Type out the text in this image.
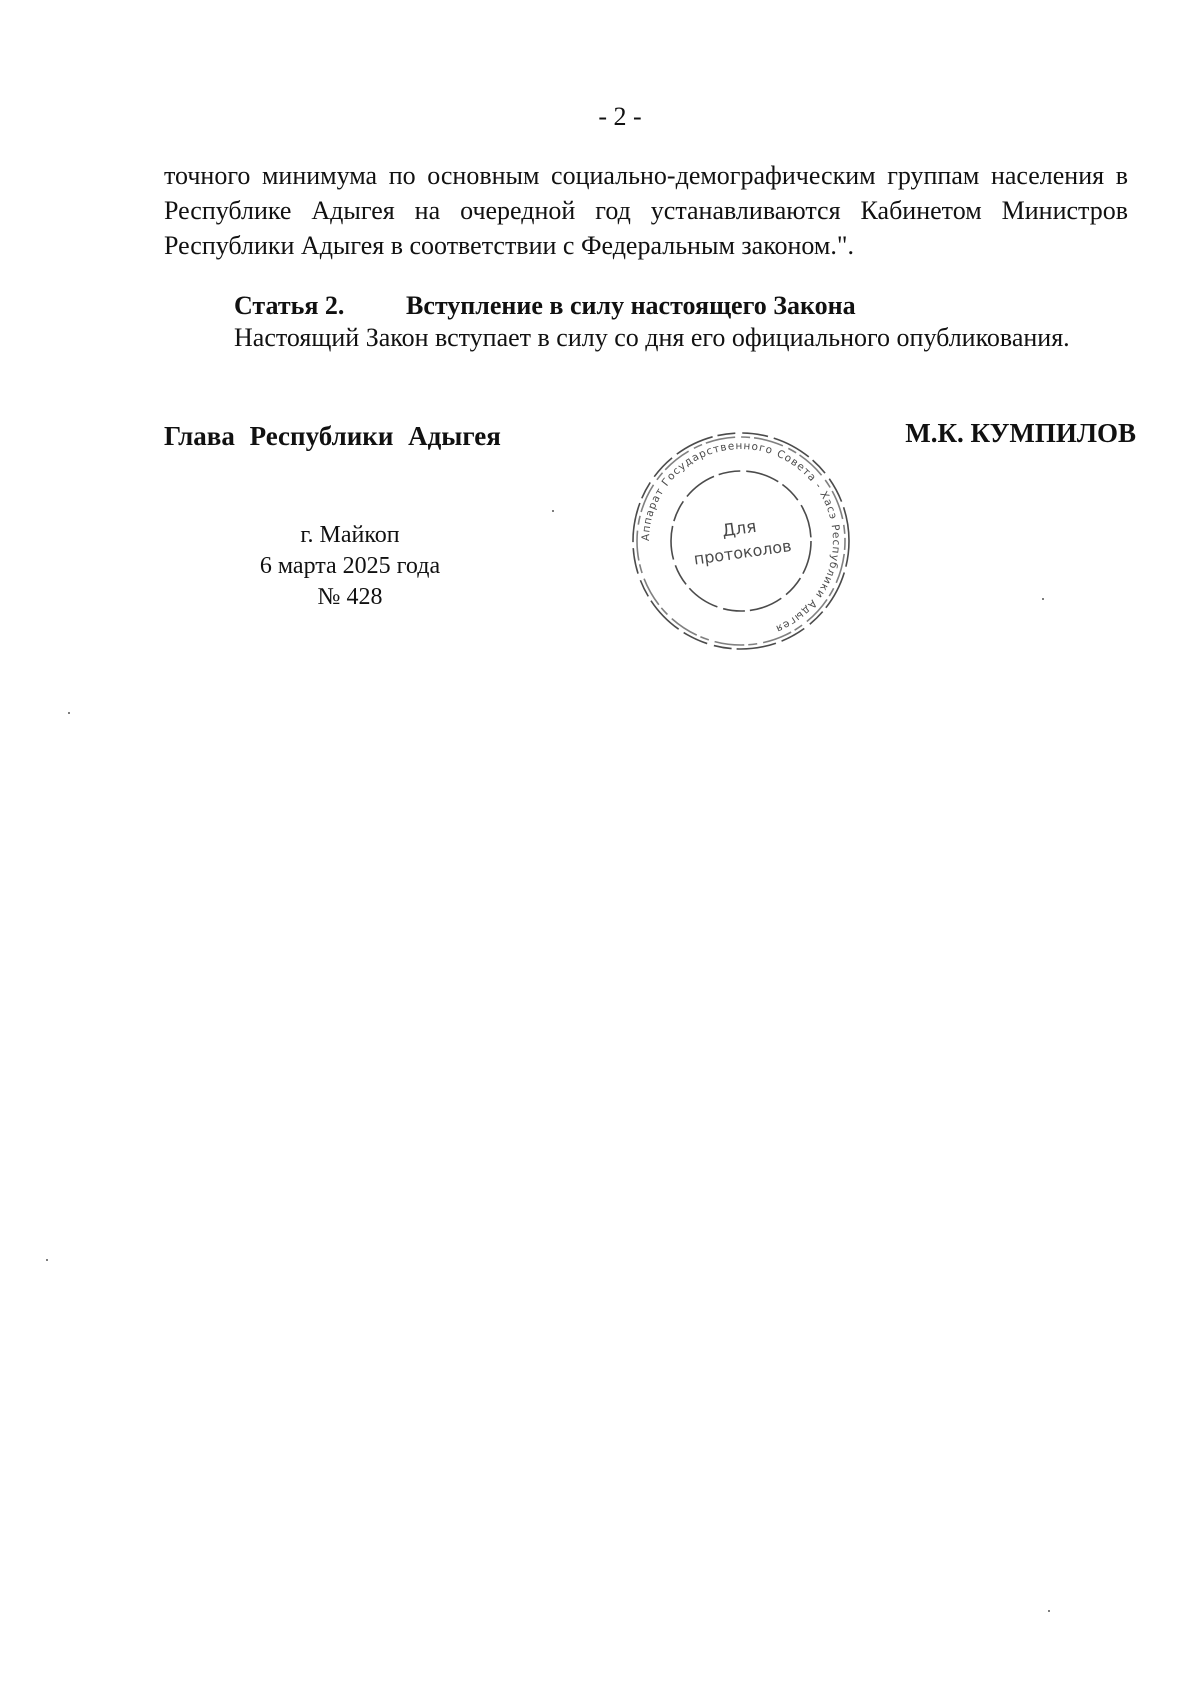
- 2 -
точного минимума по основным социально-демографическим группам населения в Республике Адыгея на очередной год устанавливаются Кабинетом Министров Республики Адыгея в соответствии с Федеральным законом.".
Статья 2. Вступление в силу настоящего Закона
Настоящий Закон вступает в силу со дня его официального опубликования.
Глава Республики Адыгея	М.К. КУМПИЛОВ
г. Майкоп
6 марта 2025 года
№ 428
Аппарат Государственного Совета - Хасэ Республики Адыгея
Для
протоколов
